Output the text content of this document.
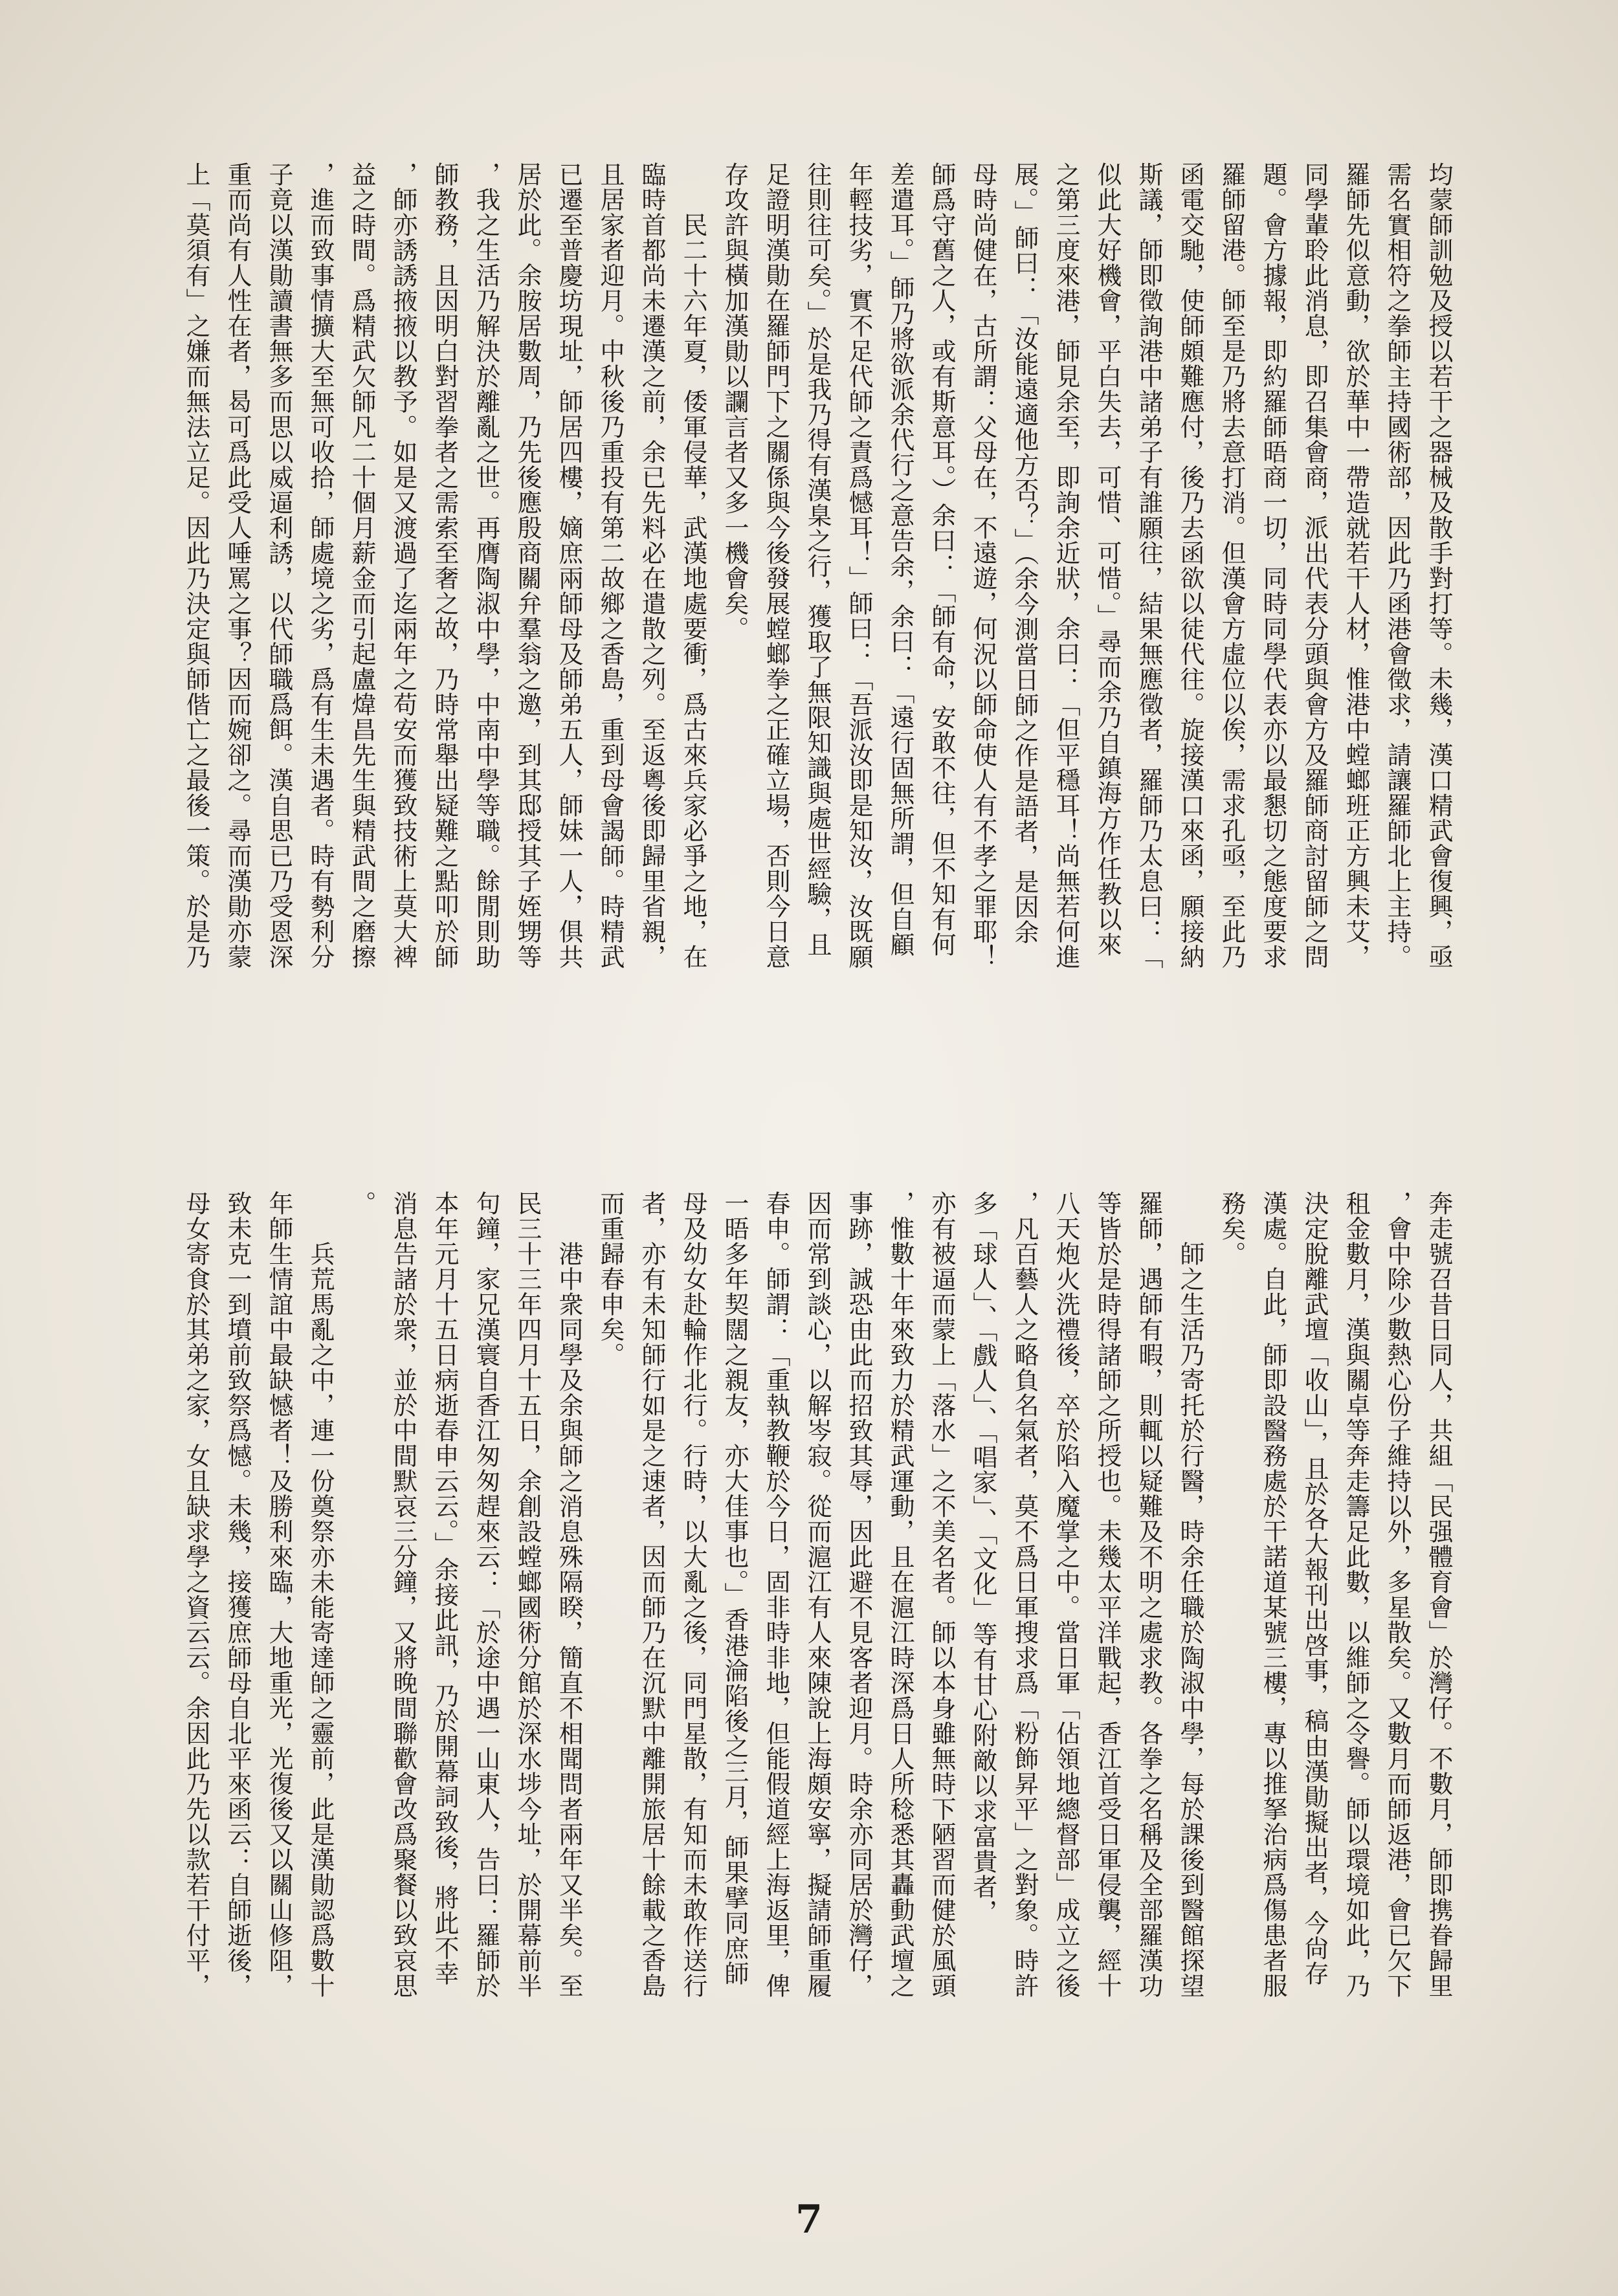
均蒙師訓勉及授以若干之器械及散手對打等。未幾，漢口精武會復興，亟
需名實相符之拳師主持國術部，因此乃函港會徵求，請讓羅師北上主持。
羅師先似意動，欲於華中一帶造就若干人材，惟港中螳螂班正方興未艾，
同學輩聆此消息，即召集會商，派出代表分頭與會方及羅師商討留師之問
題。會方據報，即約羅師晤商一切，同時同學代表亦以最懇切之態度要求
羅師留港。師至是乃將去意打消。但漢會方虛位以俟，需求孔亟，至此乃
函電交馳，使師頗難應付，後乃去函欲以徒代往。旋接漢口來函，願接納
斯議，師即徵詢港中諸弟子有誰願往，結果無應徵者，羅師乃太息曰：「
似此大好機會，平白失去，可惜、可惜。」尋而余乃自鎮海方作任教以來
之第三度來港，師見余至，即詢余近狀，余曰：「但平穩耳！尚無若何進
展。」師曰：「汝能遠適他方否？」（余今測當日師之作是語者，是因余
母時尚健在，古所謂：父母在，不遠遊，何況以師命使人有不孝之罪耶！
師爲守舊之人，或有斯意耳。）余曰：「師有命，安敢不往，但不知有何
差遣耳。」師乃將欲派余代行之意告余，余曰：「遠行固無所謂，但自顧
年輕技劣，實不足代師之責爲憾耳！」師曰：「吾派汝即是知汝，汝既願
往則往可矣。」於是我乃得有漢臬之行，獲取了無限知識與處世經驗，且
足證明漢勛在羅師門下之關係與今後發展螳螂拳之正確立場，否則今日意
存攻許與橫加漢勛以讕言者又多一機會矣。
　　民二十六年夏，倭軍侵華，武漢地處要衝，爲古來兵家必爭之地，在
臨時首都尚未遷漢之前，余已先料必在遣散之列。至返粵後即歸里省親，
且居家者迎月。中秋後乃重投有第二故鄉之香島，重到母會謁師。時精武
已遷至普慶坊現址，師居四樓，嫡庶兩師母及師弟五人，師妹一人，俱共
居於此。余胺居數周，乃先後應殷商關弁羣翁之邀，到其邸授其子姪甥等
，我之生活乃解決於離亂之世。再膺陶淑中學，中南中學等職。餘閒則助
師教務，且因明白對習拳者之需索至奢之故，乃時常舉出疑難之點叩於師
，師亦誘誘掖掖以教予。如是又渡過了迄兩年之苟安而獲致技術上莫大裨
益之時間。爲精武欠師凡二十個月薪金而引起盧煒昌先生與精武間之磨擦
，進而致事情擴大至無可收拾，師處境之劣，爲有生未遇者。時有勢利分
子竟以漢勛讀書無多而思以威逼利誘，以代師職爲餌。漢自思已乃受恩深
重而尚有人性在者，曷可爲此受人唾罵之事？因而婉卻之。尋而漢勛亦蒙
上「莫須有」之嫌而無法立足。因此乃決定與師偕亡之最後一策。於是乃
奔走號召昔日同人，共組「民强體育會」於灣仔。不數月，師即携眷歸里
，會中除少數熱心份子維持以外，多星散矣。又數月而師返港，會已欠下
租金數月，漢與關卓等奔走籌足此數，以維師之令譽。師以環境如此，乃
決定脫離武壇「收山」，且於各大報刊出啓事，稿由漢勛擬出者，今尙存
漢處。自此，師即設醫務處於干諾道某號三樓，專以推拏治病爲傷患者服
務矣。
　　師之生活乃寄托於行醫，時余任職於陶淑中學，每於課後到醫館探望
羅師，遇師有暇，則輒以疑難及不明之處求教。各拳之名稱及全部羅漢功
等皆於是時得諸師之所授也。未幾太平洋戰起，香江首受日軍侵襲，經十
八天炮火洗禮後，卒於陷入魔掌之中。當日軍「佔領地總督部」成立之後
，凡百藝人之略負名氣者，莫不爲日軍搜求爲「粉飾昇平」之對象。時許
多「球人」、「戲人」、「唱家」、「文化」等有甘心附敵以求富貴者，
亦有被逼而蒙上「落水」之不美名者。師以本身雖無時下陋習而健於風頭
，惟數十年來致力於精武運動，且在滬江時深爲日人所稔悉其轟動武壇之
事跡，誠恐由此而招致其辱，因此避不見客者迎月。時余亦同居於灣仔，
因而常到談心，以解岑寂。從而滬江有人來陳說上海頗安寧，擬請師重履
春申。師謂：「重執教鞭於今日，固非時非地，但能假道經上海返里，俾
一晤多年契闊之親友，亦大佳事也。」香港淪陷後之三月，師果擘同庶師
母及幼女赴輪作北行。行時，以大亂之後，同門星散，有知而未敢作送行
者，亦有未知師行如是之速者，因而師乃在沉默中離開旅居十餘載之香島
而重歸春申矣。
　　港中衆同學及余與師之消息殊隔睽，簡直不相聞問者兩年又半矣。至
民三十三年四月十五日，余創設螳螂國術分館於深水埗今址，於開幕前半
句鐘，家兄漢寰自香江匆匆趕來云：「於途中遇一山東人，告曰：羅師於
本年元月十五日病逝春申云云。」余接此訊，乃於開幕詞致後，將此不幸
消息告諸於衆，並於中間默哀三分鐘，又將晚間聯歡會改爲聚餐以致哀思
。
　　兵荒馬亂之中，連一份奠祭亦未能寄達師之靈前，此是漢勛認爲數十
年師生情誼中最缺憾者！及勝利來臨，大地重光，光復後又以關山修阻，
致未克一到墳前致祭爲憾。未幾，接獲庶師母自北平來函云：自師逝後，
母女寄食於其弟之家，女且缺求學之資云云。余因此乃先以款若干付平，
7
